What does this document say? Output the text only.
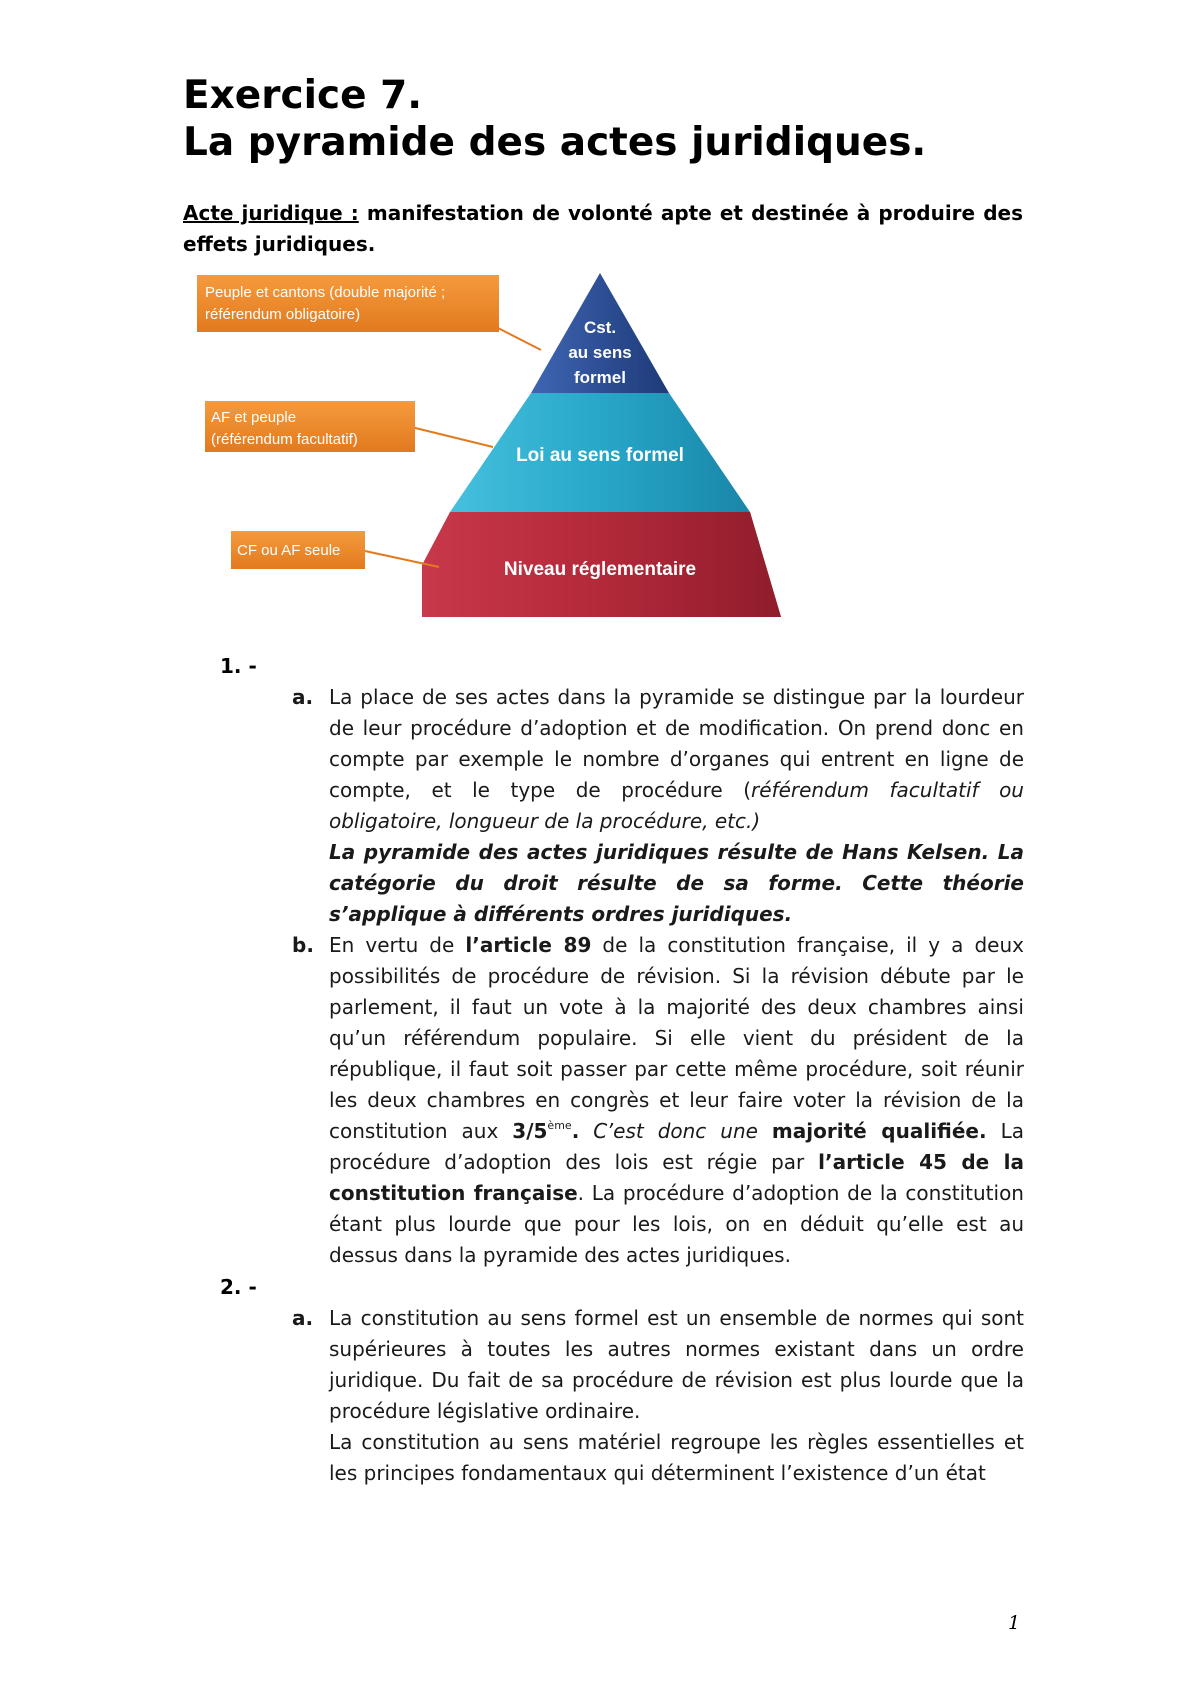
Exercice 7.
La pyramide des actes juridiques.

Acte juridique : manifestation de volonté apte et destinée à produire des effets juridiques.

Peuple et cantons (double majorité ;
référendum obligatoire)
AF et peuple
(référendum facultatif)
CF ou AF seule
Cst.
au sens
formel
Loi au sens formel
Niveau réglementaire
1. -
a. La place de ses actes dans la pyramide se distingue par la lourdeur de leur procédure d’adoption et de modification. On prend donc en compte par exemple le nombre d’organes qui entrent en ligne de compte, et le type de procédure (référendum facultatif ou obligatoire, longueur de la procédure, etc.)

La pyramide des actes juridiques résulte de Hans Kelsen. La catégorie du droit résulte de sa forme. Cette théorie s’applique à différents ordres juridiques.

b. En vertu de l’article 89 de la constitution française, il y a deux possibilités de procédure de révision. Si la révision débute par le parlement, il faut un vote à la majorité des deux chambres ainsi qu’un référendum populaire. Si elle vient du président de la république, il faut soit passer par cette même procédure, soit réunir les deux chambres en congrès et leur faire voter la révision de la constitution aux 3/5ème. C’est donc une majorité qualifiée. La procédure d’adoption des lois est régie par l’article 45 de la constitution française. La procédure d’adoption de la constitution étant plus lourde que pour les lois, on en déduit qu’elle est au dessus dans la pyramide des actes juridiques.

2. -
a. La constitution au sens formel est un ensemble de normes qui sont supérieures à toutes les autres normes existant dans un ordre juridique. Du fait de sa procédure de révision est plus lourde que la procédure législative ordinaire.

La constitution au sens matériel regroupe les règles essentielles et les principes fondamentaux qui déterminent l’existence d’un état

1
